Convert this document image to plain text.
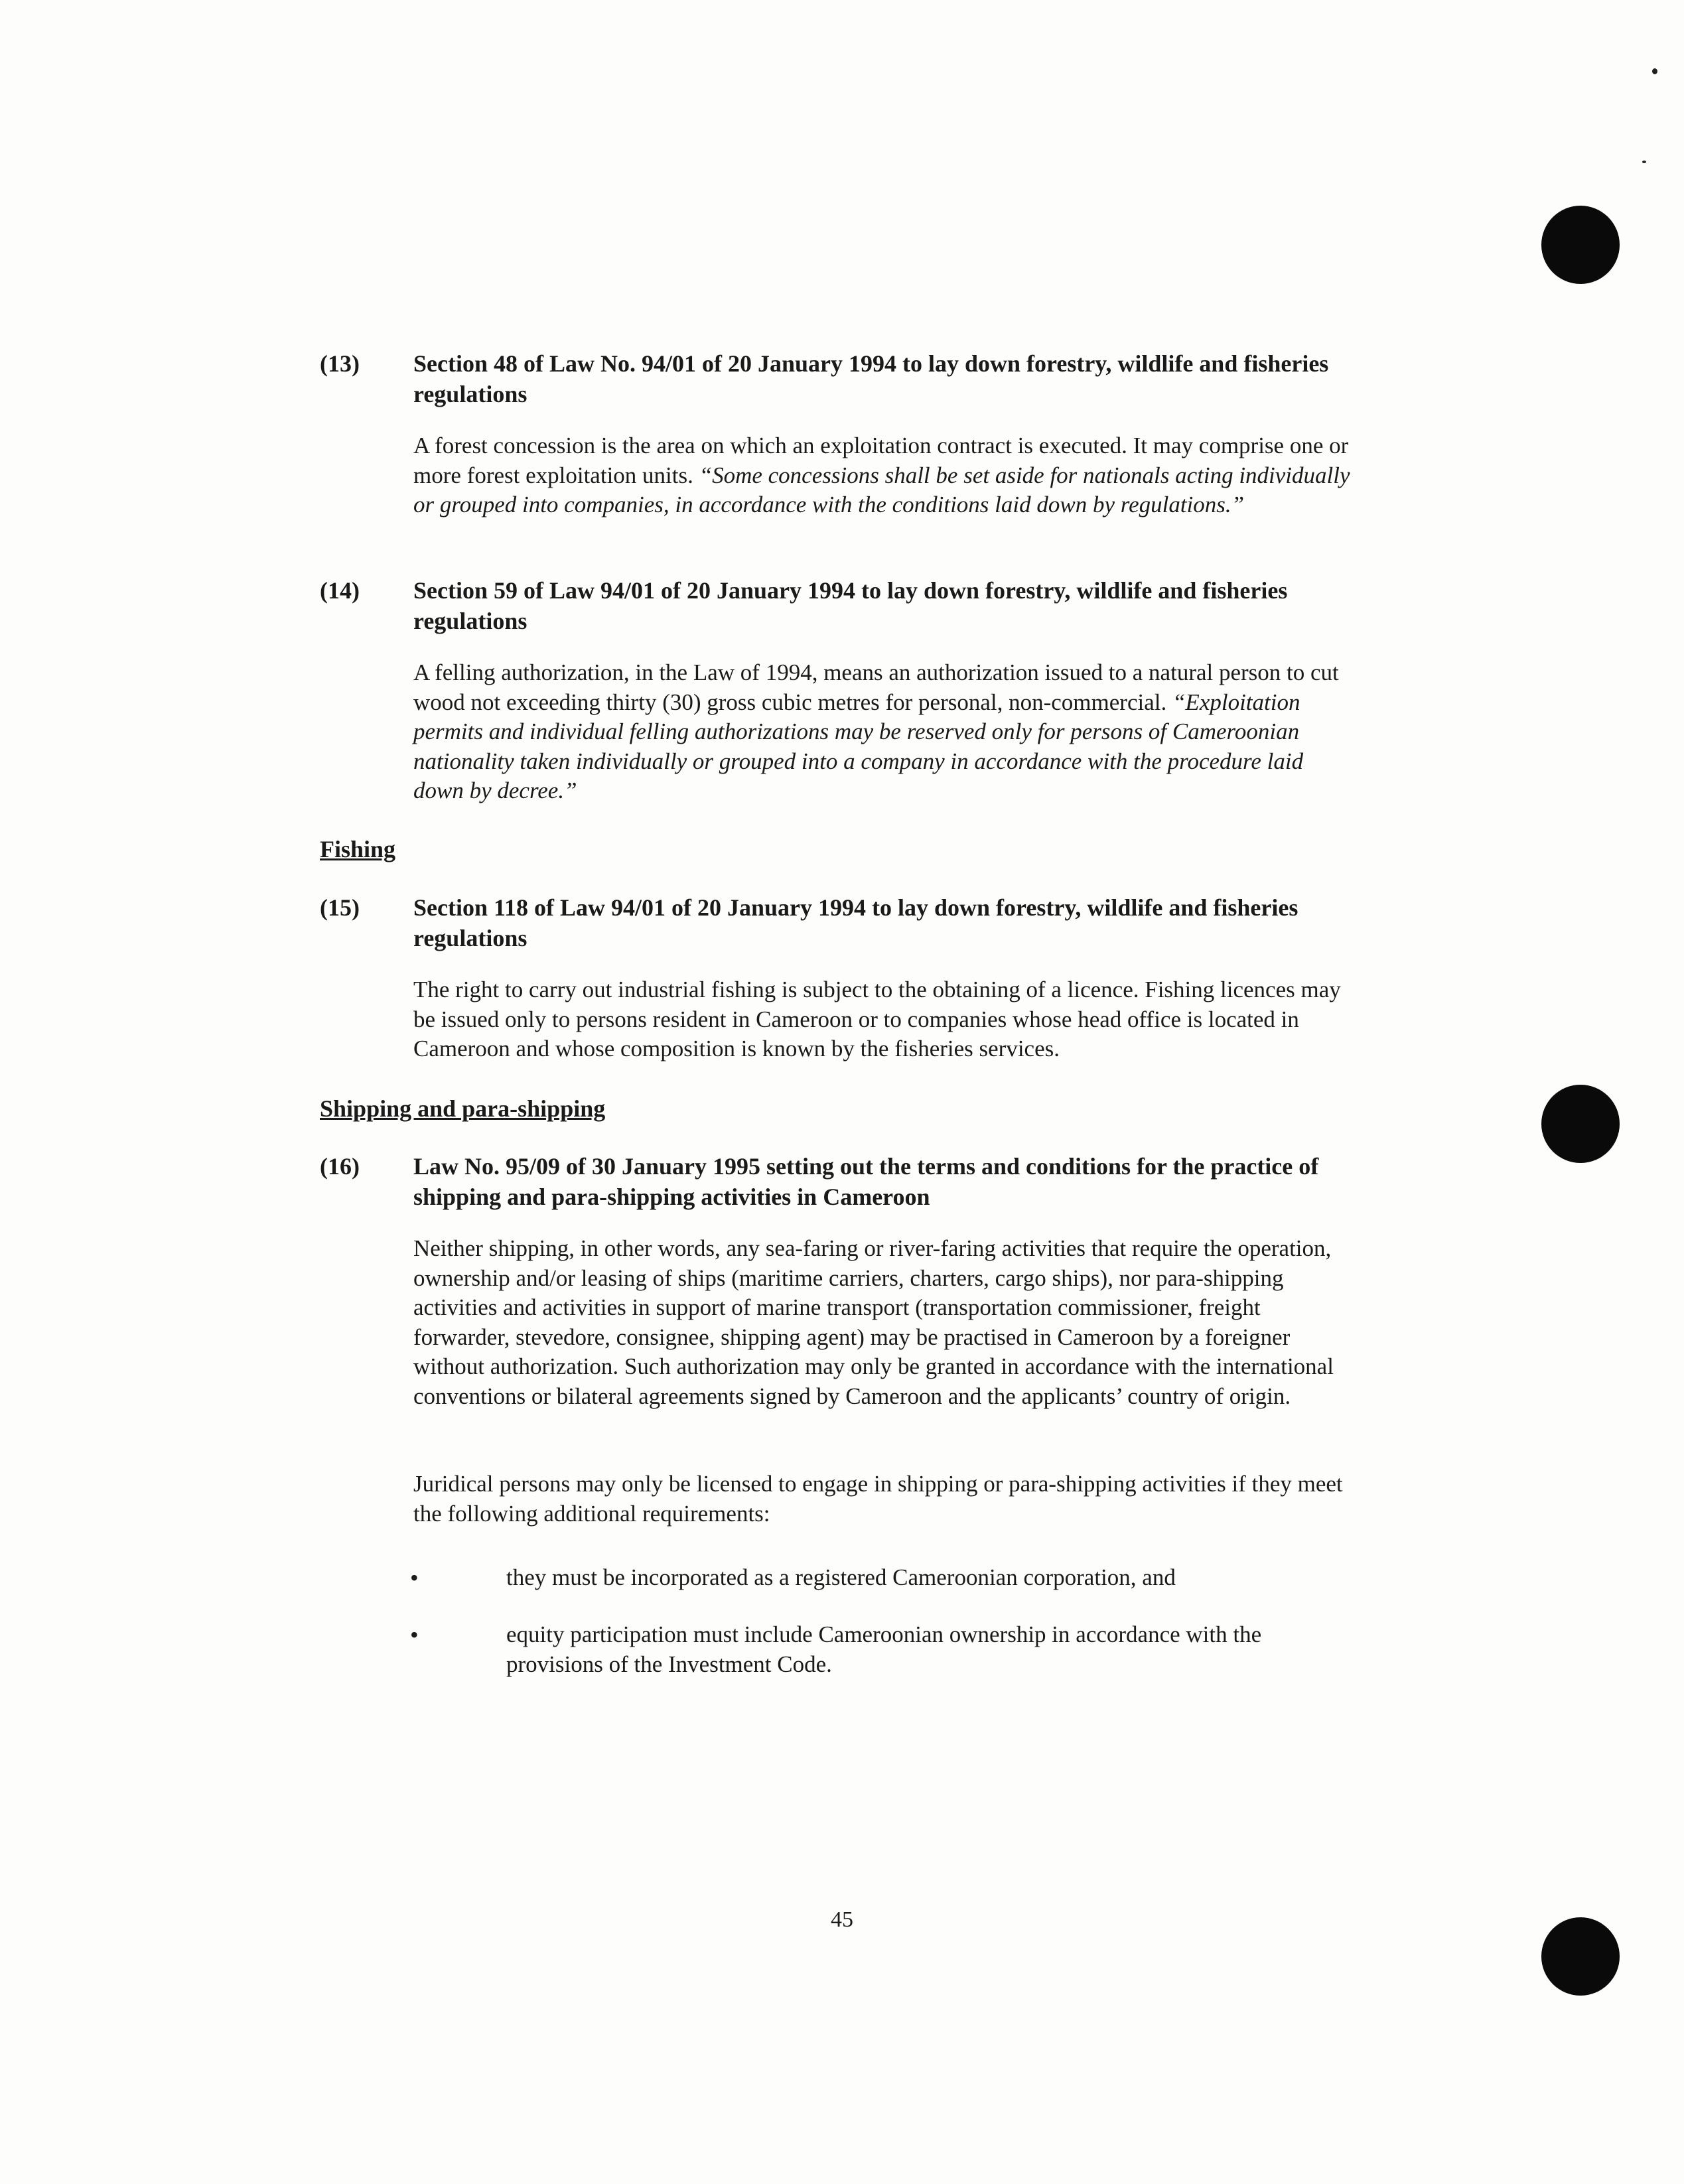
(13) Section 48 of Law No. 94/01 of 20 January 1994 to lay down forestry, wildlife and fisheries regulations

A forest concession is the area on which an exploitation contract is executed. It may comprise one or more forest exploitation units. “Some concessions shall be set aside for nationals acting individually or grouped into companies, in accordance with the conditions laid down by regulations.”

(14) Section 59 of Law 94/01 of 20 January 1994 to lay down forestry, wildlife and fisheries regulations

A felling authorization, in the Law of 1994, means an authorization issued to a natural person to cut wood not exceeding thirty (30) gross cubic metres for personal, non-commercial. “Exploitation permits and individual felling authorizations may be reserved only for persons of Cameroonian nationality taken individually or grouped into a company in accordance with the procedure laid down by decree.”

Fishing
(15) Section 118 of Law 94/01 of 20 January 1994 to lay down forestry, wildlife and fisheries regulations

The right to carry out industrial fishing is subject to the obtaining of a licence. Fishing licences may be issued only to persons resident in Cameroon or to companies whose head office is located in Cameroon and whose composition is known by the fisheries services.

Shipping and para-shipping
(16) Law No. 95/09 of 30 January 1995 setting out the terms and conditions for the practice of shipping and para-shipping activities in Cameroon

Neither shipping, in other words, any sea-faring or river-faring activities that require the operation, ownership and/or leasing of ships (maritime carriers, charters, cargo ships), nor para-shipping activities and activities in support of marine transport (transportation commissioner, freight forwarder, stevedore, consignee, shipping agent) may be practised in Cameroon by a foreigner without authorization. Such authorization may only be granted in accordance with the international conventions or bilateral agreements signed by Cameroon and the applicants’ country of origin.

Juridical persons may only be licensed to engage in shipping or para-shipping activities if they meet the following additional requirements:

•	they must be incorporated as a registered Cameroonian corporation, and

•	equity participation must include Cameroonian ownership in accordance with the provisions of the Investment Code.

45
